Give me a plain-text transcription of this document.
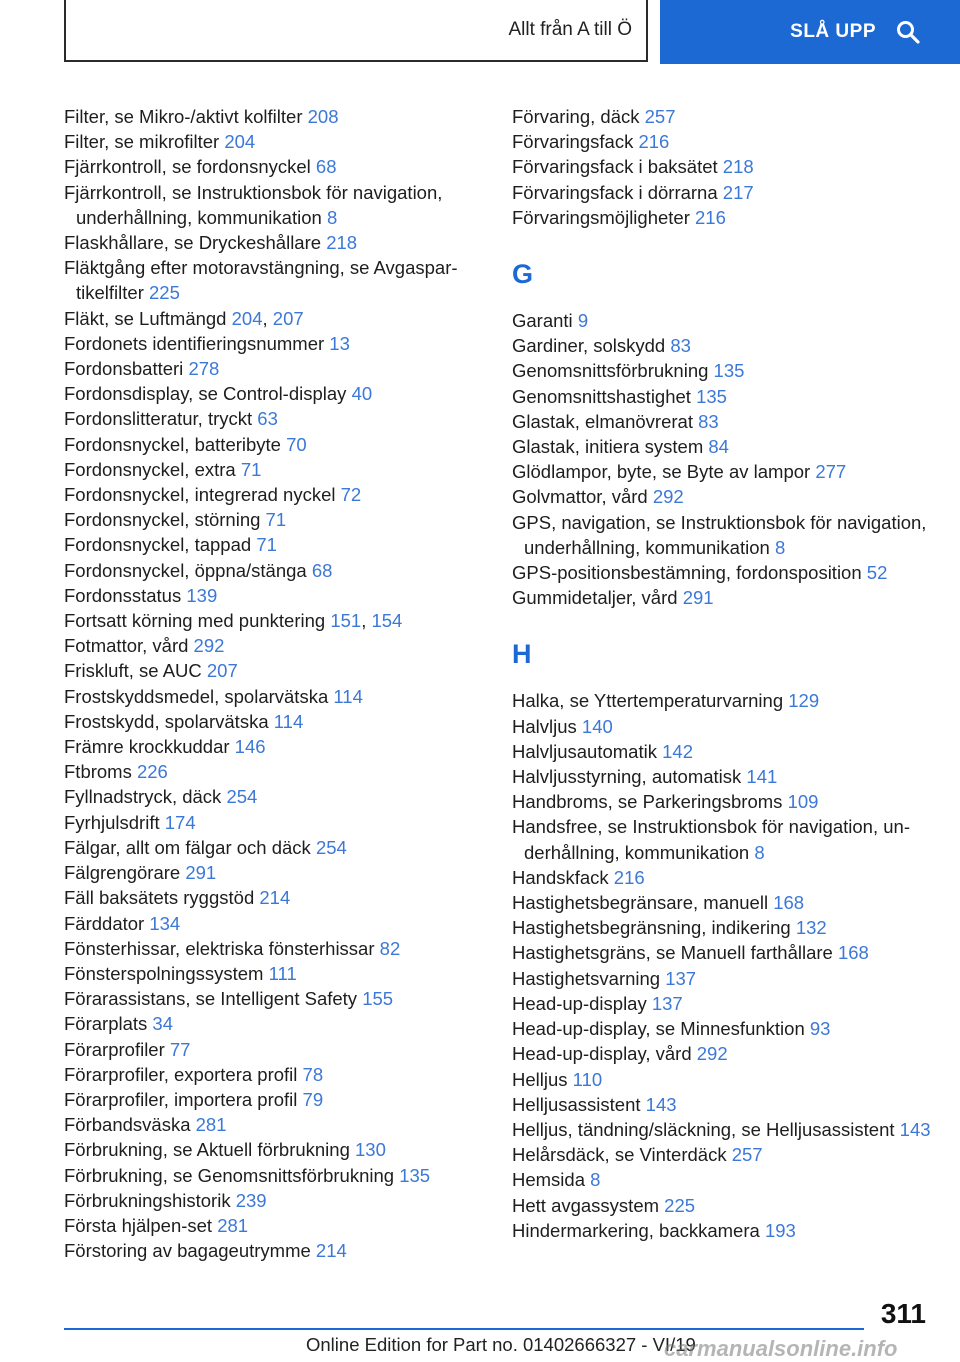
Allt från A till Ö	SLÅ UPP
Filter, se Mikro-/aktivt kolfilter 208
Filter, se mikrofilter 204
Fjärrkontroll, se fordonsnyckel 68
Fjärrkontroll, se Instruktionsbok för navigation, underhållning, kommunikation 8
Flaskhållare, se Dryckeshållare 218
Fläktgång efter motoravstängning, se Avgaspartikelfilter 225
Fläkt, se Luftmängd 204, 207
Fordonets identifieringsnummer 13
Fordonsbatteri 278
Fordonsdisplay, se Control-display 40
Fordonslitteratur, tryckt 63
Fordonsnyckel, batteribyte 70
Fordonsnyckel, extra 71
Fordonsnyckel, integrerad nyckel 72
Fordonsnyckel, störning 71
Fordonsnyckel, tappad 71
Fordonsnyckel, öppna/stänga 68
Fordonsstatus 139
Fortsatt körning med punktering 151, 154
Fotmattor, vård 292
Friskluft, se AUC 207
Frostskyddsmedel, spolarvätska 114
Frostskydd, spolarvätska 114
Främre krockkuddar 146
Ftbroms 226
Fyllnadstryck, däck 254
Fyrhjulsdrift 174
Fälgar, allt om fälgar och däck 254
Fälgrengörare 291
Fäll baksätets ryggstöd 214
Färddator 134
Fönsterhissar, elektriska fönsterhissar 82
Fönsterspolningssystem 111
Förarassistans, se Intelligent Safety 155
Förarplats 34
Förarprofiler 77
Förarprofiler, exportera profil 78
Förarprofiler, importera profil 79
Förbandsväska 281
Förbrukning, se Aktuell förbrukning 130
Förbrukning, se Genomsnittsförbrukning 135
Förbrukningshistorik 239
Första hjälpen-set 281
Förstoring av bagageutrymme 214
Förvaring, däck 257
Förvaringsfack 216
Förvaringsfack i baksätet 218
Förvaringsfack i dörrarna 217
Förvaringsmöjligheter 216
G
Garanti 9
Gardiner, solskydd 83
Genomsnittsförbrukning 135
Genomsnittshastighet 135
Glastak, elmanövrerat 83
Glastak, initiera system 84
Glödlampor, byte, se Byte av lampor 277
Golvmattor, vård 292
GPS, navigation, se Instruktionsbok för navigation, underhållning, kommunikation 8
GPS-positionsbestämning, fordonsposition 52
Gummidetaljer, vård 291
H
Halka, se Yttertemperaturvarning 129
Halvljus 140
Halvljusautomatik 142
Halvljusstyrning, automatisk 141
Handbroms, se Parkeringsbroms 109
Handsfree, se Instruktionsbok för navigation, underhållning, kommunikation 8
Handskfack 216
Hastighetsbegränsare, manuell 168
Hastighetsbegränsning, indikering 132
Hastighetsgräns, se Manuell farthållare 168
Hastighetsvarning 137
Head-up-display 137
Head-up-display, se Minnesfunktion 93
Head-up-display, vård 292
Helljus 110
Helljusassistent 143
Helljus, tändning/släckning, se Helljusassistent 143
Helårsdäck, se Vinterdäck 257
Hemsida 8
Hett avgassystem 225
Hindermarkering, backkamera 193
311
Online Edition for Part no. 01402666327 - VI/19
carmanualsonline.info
